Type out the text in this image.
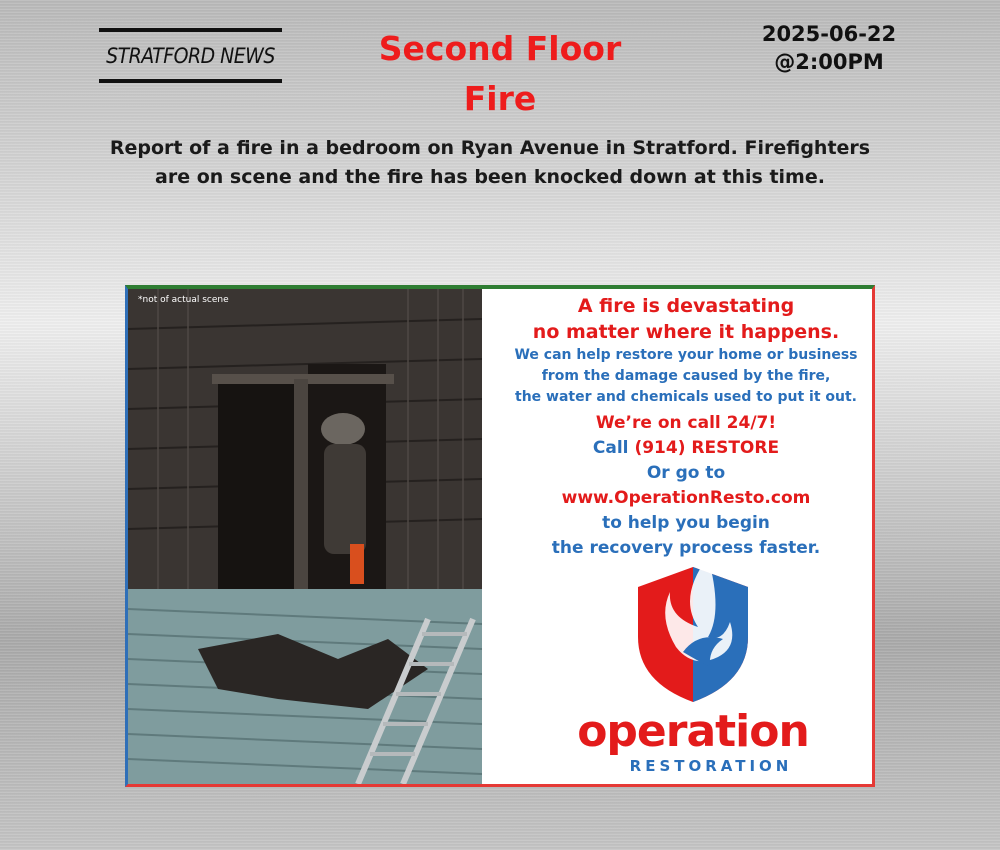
STRATFORD NEWS	Second Floor
Fire
2025-06-22
@2:00PM
Report of a fire in a bedroom on Ryan Avenue in Stratford. Firefighters
are on scene and the fire has been knocked down at this time.
*not of actual scene	A fire is devastating
no matter where it happens.
We can help restore your home or business
from the damage caused by the fire,
the water and chemicals used to put it out.
We’re on call 24/7!
Call (914) RESTORE
Or go to
www.OperationResto.com
to help you begin
the recovery process faster.
operation
RESTORATION
